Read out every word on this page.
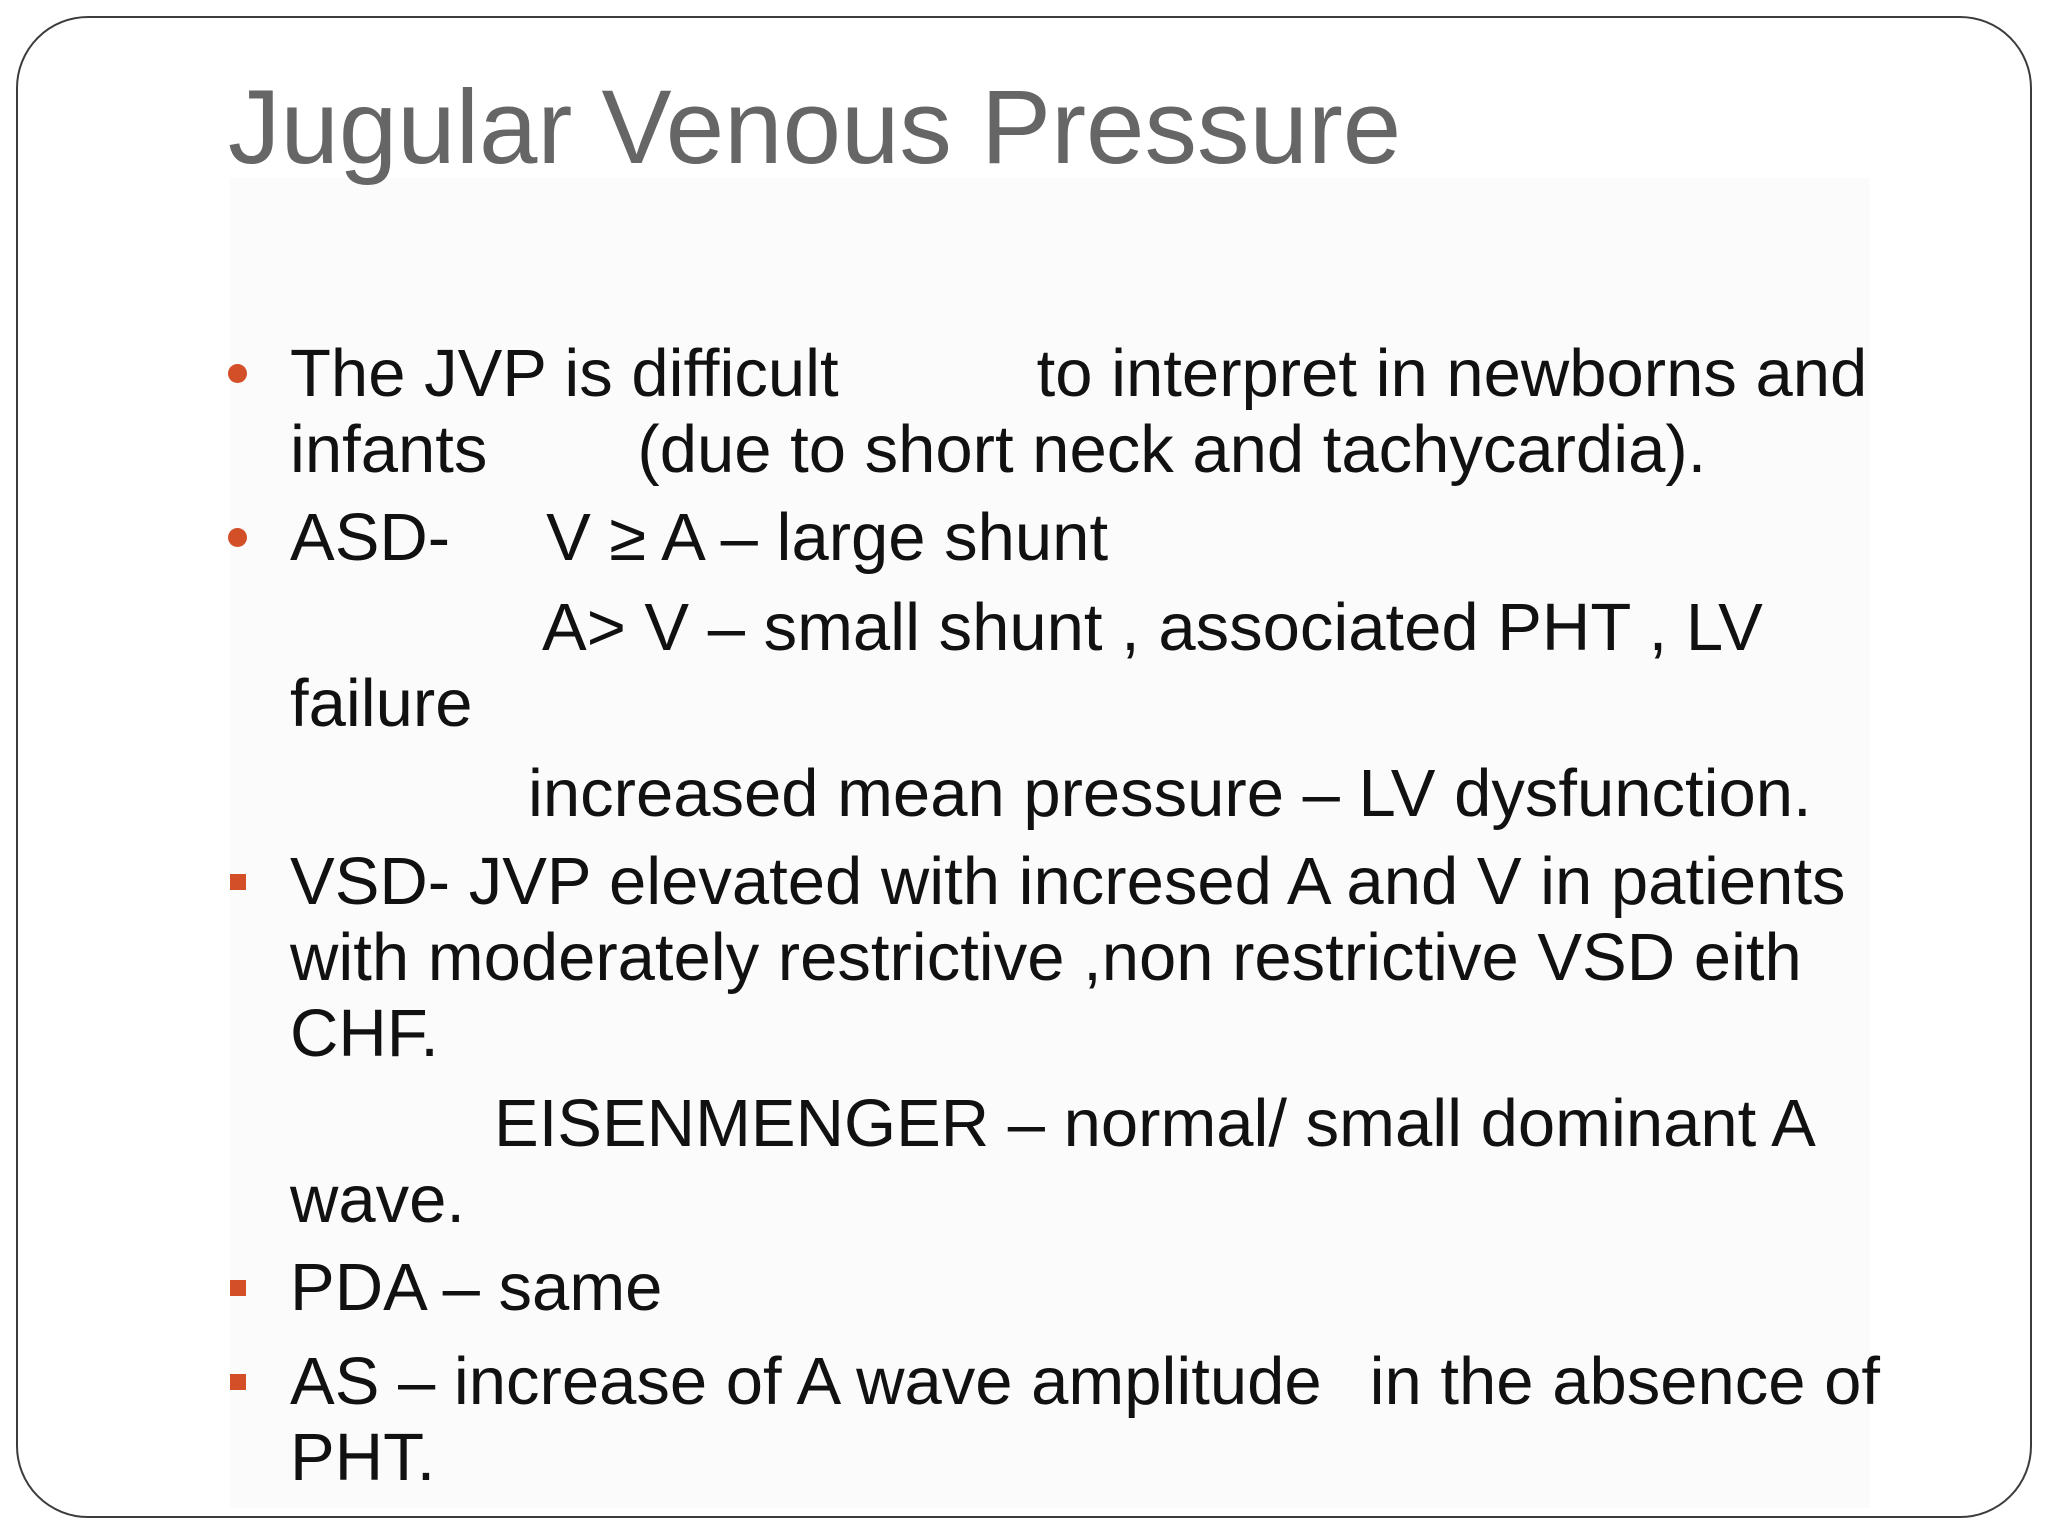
Jugular Venous Pressure
The JVP is difficult	to interpret in newborns and
infants (due to short neck and tachycardia).
ASD- V ≥ A – large shunt
A> V – small shunt , associated PHT , LV
failure
increased mean pressure – LV dysfunction.
VSD- JVP elevated with incresed A and V in patients
with moderately restrictive ,non restrictive VSD eith
CHF.
EISENMENGER – normal/ small dominant A
wave.
PDA – same
AS – increase of A wave amplitude in the absence of
PHT.
